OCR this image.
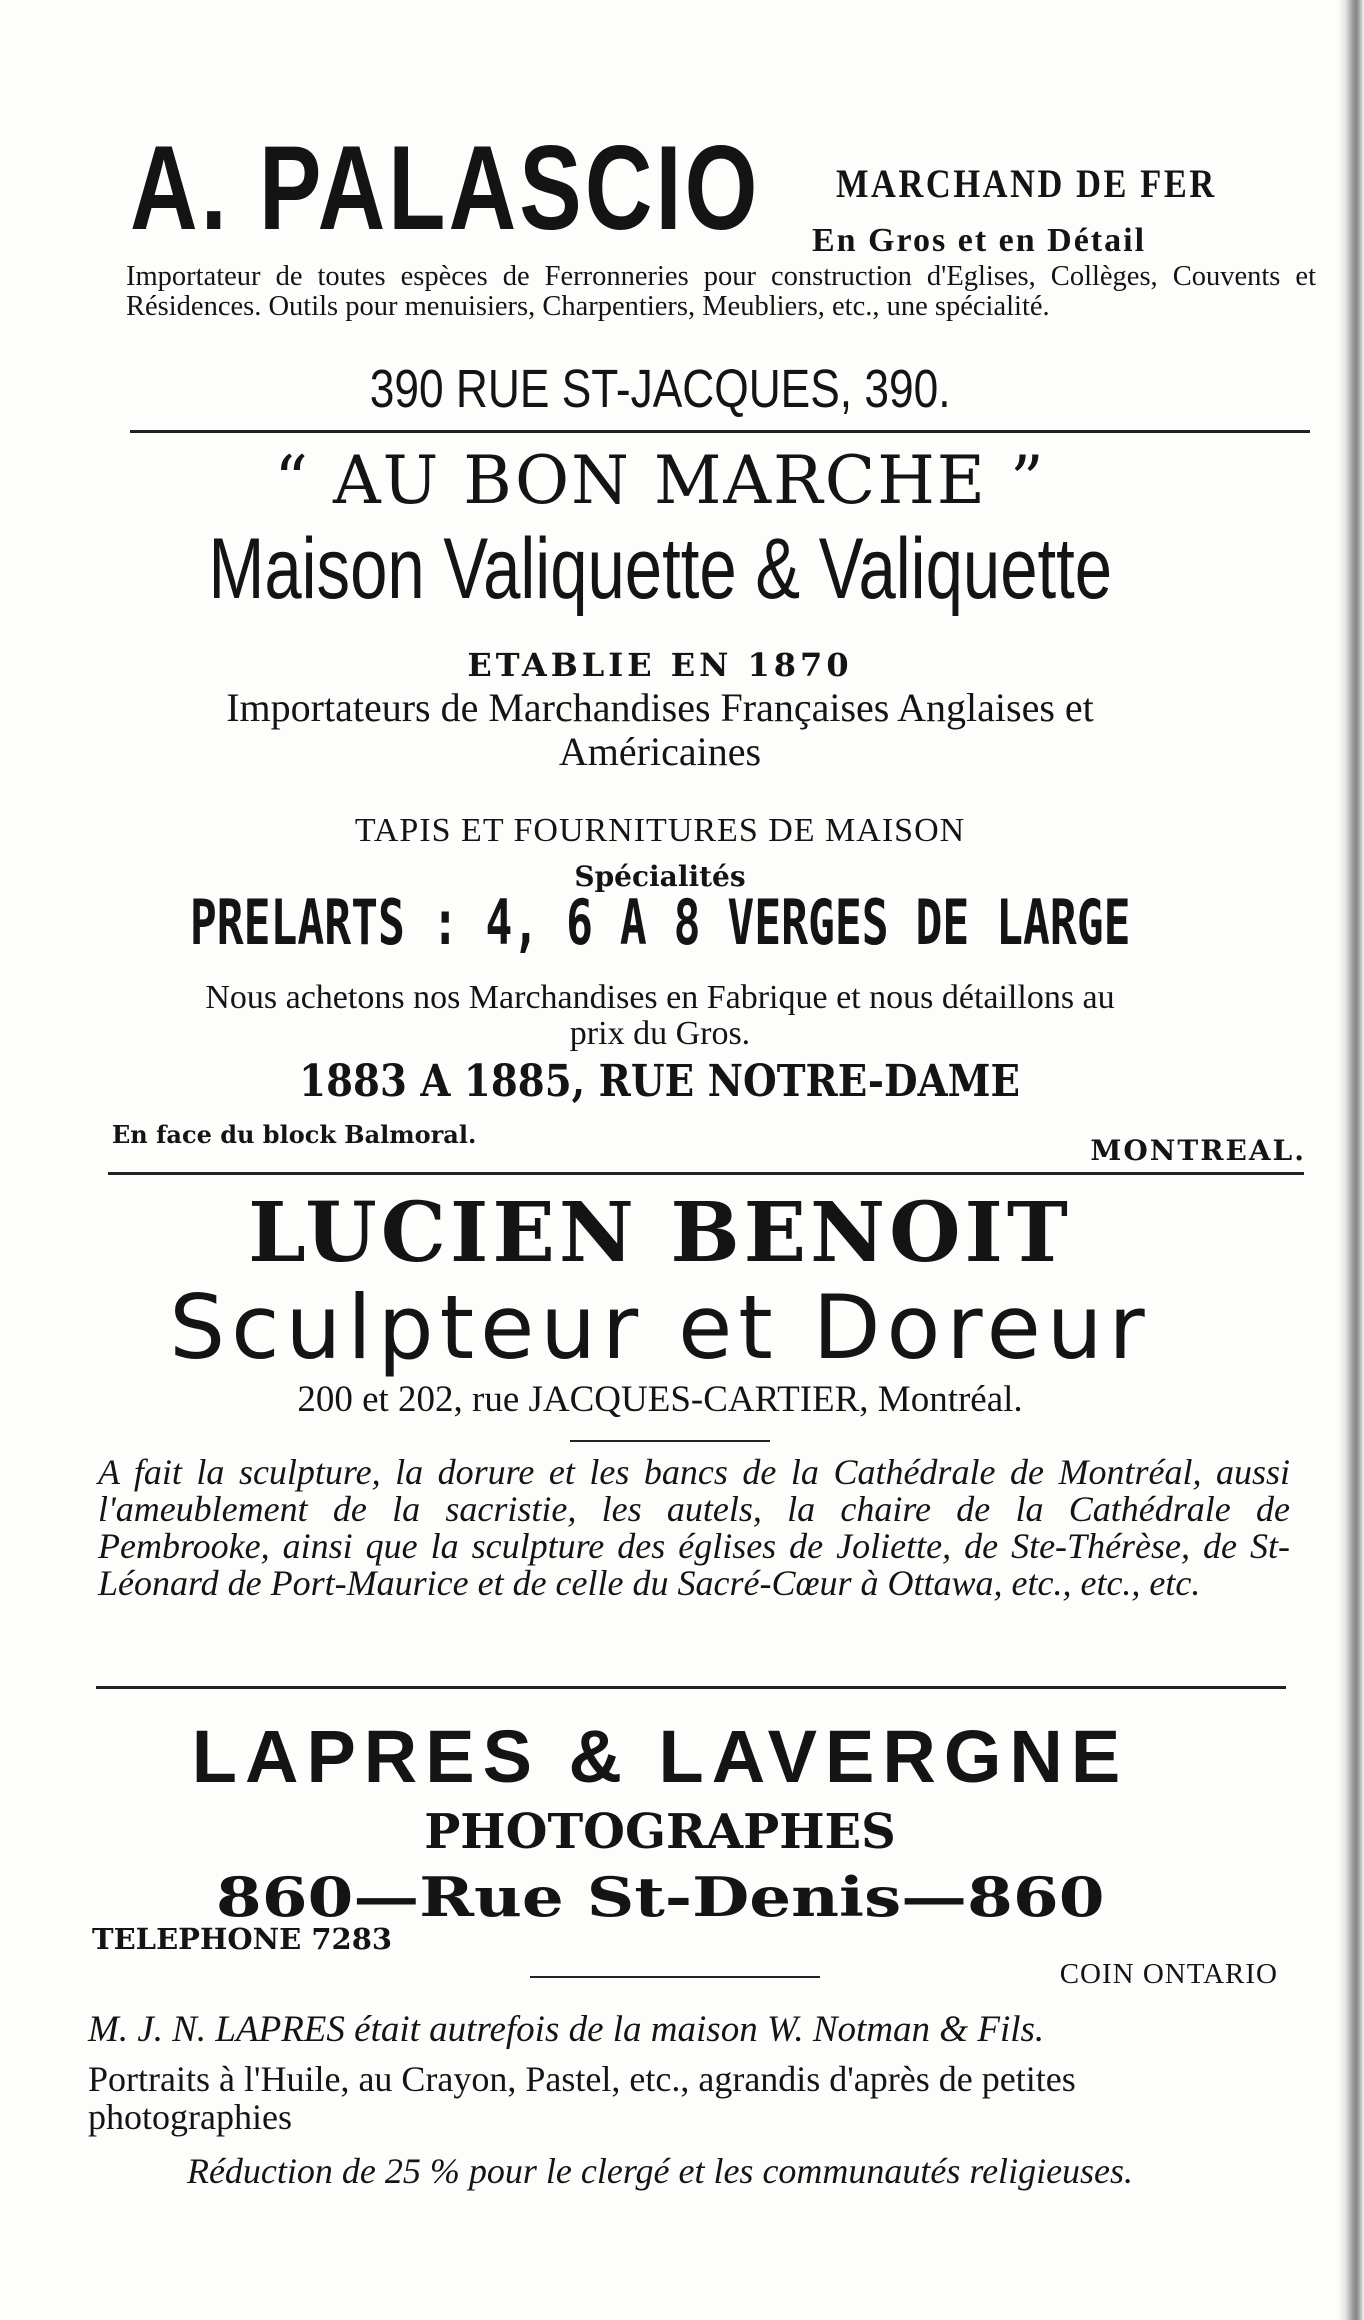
A. PALASCIO MARCHAND DE FER
En Gros et en Détail
Importateur de toutes espèces de Ferronneries pour construction d'Eglises, Collèges, Couvents et Résidences. Outils pour menuisiers, Charpentiers, Meubliers, etc., une spécialité.
390 RUE ST-JACQUES, 390.
“ AU BON MARCHE ”
Maison Valiquette & Valiquette
ETABLIE EN 1870
Importateurs de Marchandises Françaises Anglaises et Américaines
TAPIS ET FOURNITURES DE MAISON
Spécialités
PRELARTS : 4, 6 A 8 VERGES DE LARGE
Nous achetons nos Marchandises en Fabrique et nous détaillons au prix du Gros.
1883 A 1885, RUE NOTRE-DAME
En face du block Balmoral.	MONTREAL.
LUCIEN BENOIT
Sculpteur et Doreur
200 et 202, rue JACQUES-CARTIER, Montréal.
A fait la sculpture, la dorure et les bancs de la Cathédrale de Montréal, aussi l'ameublement de la sacristie, les autels, la chaire de la Cathédrale de Pembrooke, ainsi que la sculpture des églises de Joliette, de Ste-Thérèse, de St-Léonard de Port-Maurice et de celle du Sacré-Cœur à Ottawa, etc., etc., etc.
LAPRES & LAVERGNE
PHOTOGRAPHES
860—Rue St-Denis—860
TELEPHONE 7283
COIN ONTARIO
M. J. N. LAPRES était autrefois de la maison W. Notman & Fils.
Portraits à l'Huile, au Crayon, Pastel, etc., agrandis d'après de petites photographies
Réduction de 25 % pour le clergé et les communautés religieuses.
